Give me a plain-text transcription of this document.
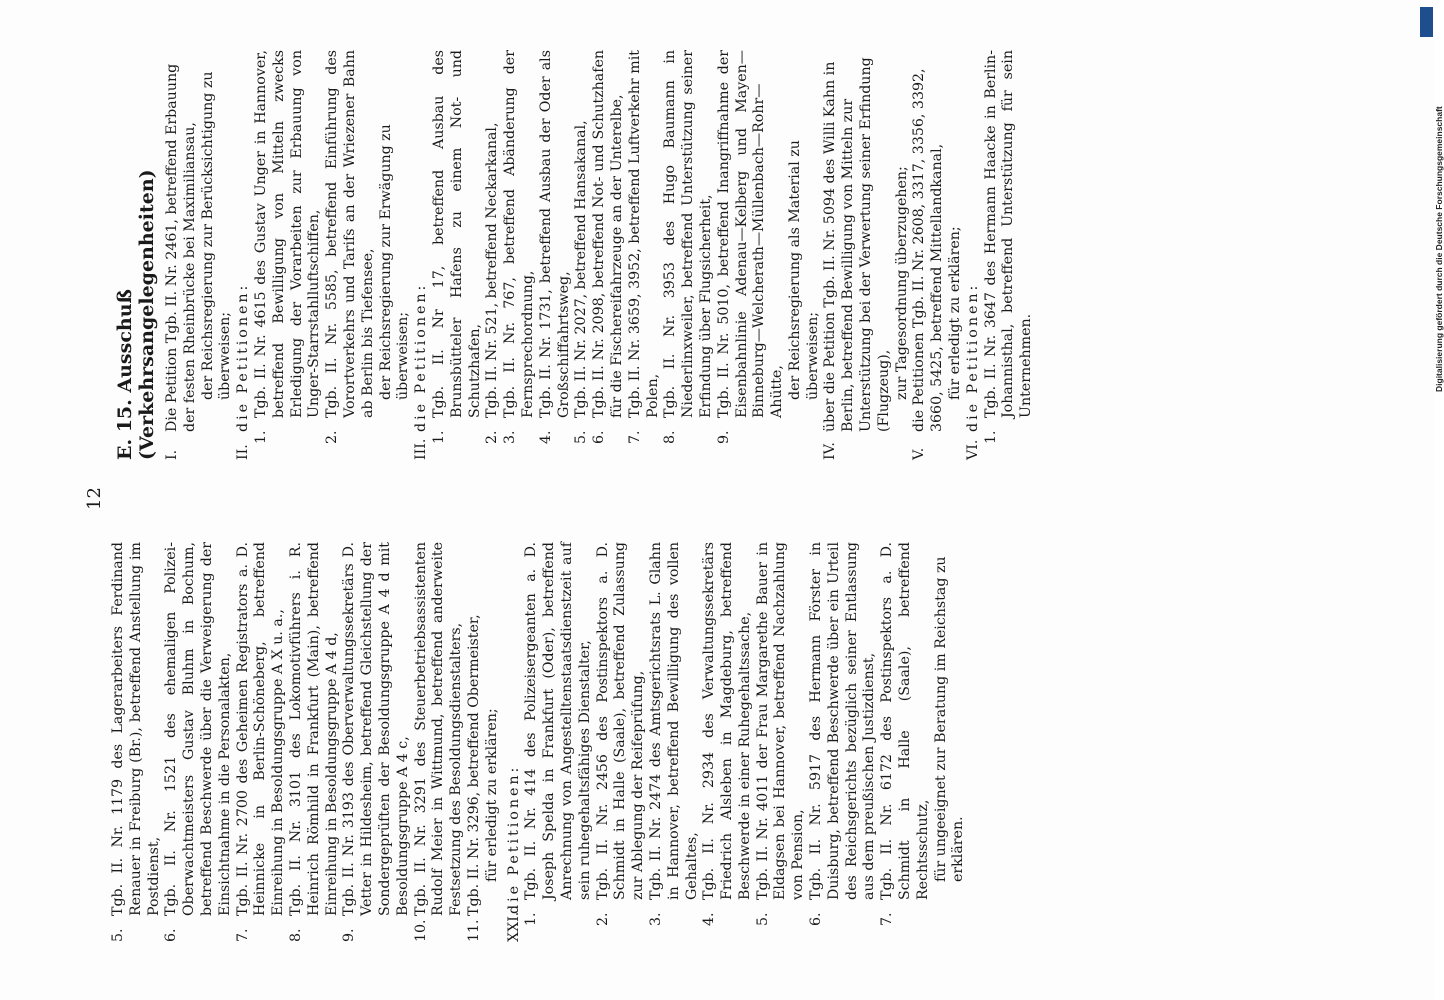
12
5.
Tgb. II. Nr. 1179 des Lagerarbeiters Ferdinand Renauer in Freiburg (Br.), betreffend Anstellung im Postdienst,
6.
Tgb. II. Nr. 1521 des ehemaligen Polizei-Oberwachtmeisters Gustav Bluhm in Bochum, betreffend Beschwerde über die Verweigerung der Einsichtnahme in die Personalakten,
7.
Tgb. II. Nr. 2700 des Geheimen Registrators a. D. Heinnicke in Berlin-Schöneberg, betreffend Einreihung in Besoldungsgruppe A X u. a.,
8.
Tgb. II. Nr. 3101 des Lokomotivführers i. R. Heinrich Römhild in Frankfurt (Main), betreffend Einreihung in Besoldungsgruppe A 4 d,
9.
Tgb. II. Nr. 3193 des Oberverwaltungssekretärs D. Vetter in Hildesheim, betreffend Gleichstellung der Sondergeprüften der Besoldungsgruppe A 4 d mit Besoldungsgruppe A 4 c,
10.
Tgb. II. Nr. 3291 des Steuerbetriebsassistenten Rudolf Meier in Wittmund, betreffend anderweite Festsetzung des Besoldungsdienstalters,
11.
Tgb. II. Nr. 3296, betreffend Obermeister, für erledigt zu erklären;
XXI.
die Petitionen:
1.
Tgb. II. Nr. 414 des Polizeisergeanten a. D. Joseph Spelda in Frankfurt (Oder), betreffend Anrechnung von Angestelltenstaatsdienstzeit auf sein ruhegehaltsfähiges Dienstalter,
2.
Tgb. II. Nr. 2456 des Postinspektors a. D. Schmidt in Halle (Saale), betreffend Zulassung zur Ablegung der Reifeprüfung,
3.
Tgb. II. Nr. 2474 des Amtsgerichtsrats L. Glahn in Hannover, betreffend Bewilligung des vollen Gehaltes,
4.
Tgb. II. Nr. 2934 des Verwaltungssekretärs Friedrich Alsleben in Magdeburg, betreffend Beschwerde in einer Ruhegehaltssache,
5.
Tgb. II. Nr. 4011 der Frau Margarethe Bauer in Eldagsen bei Hannover, betreffend Nachzahlung von Pension,
6.
Tgb. II. Nr. 5917 des Hermann Förster in Duisburg, betreffend Beschwerde über ein Urteil des Reichsgerichts bezüglich seiner Entlassung aus dem preußischen Justizdienst,
7.
Tgb. II. Nr. 6172 des Postinspektors a. D. Schmidt in Halle (Saale), betreffend Rechtsschutz, für ungeeignet zur Beratung im Reichstag zu erklären.
E. 15. Ausschuß (Verkehrsangelegenheiten) I.
Die Petition Tgb. II. Nr. 2461, betreffend Erbauung der festen Rheinbrücke bei Maximiliansau, der Reichsregierung zur Berücksichtigung zu überweisen;
II.
die Petitionen:
1.
Tgb. II. Nr. 4615 des Gustav Unger in Hannover, betreffend Bewilligung von Mitteln zwecks Erledigung der Vorarbeiten zur Erbauung von Unger-Starrstahlluftschiffen,
2.
Tgb. II. Nr. 5585, betreffend Einführung des Vorortverkehrs und Tarifs an der Wriezener Bahn ab Berlin bis Tiefensee, der Reichsregierung zur Erwägung zu überweisen;
III.
die Petitionen:
1.
Tgb. II. Nr 17, betreffend Ausbau des Brunsbütteler Hafens zu einem Not- und Schutzhafen,
2.
Tgb. II. Nr. 521, betreffend Neckarkanal,
3.
Tgb. II. Nr. 767, betreffend Abänderung der Fernsprechordnung,
4.
Tgb. II. Nr. 1731, betreffend Ausbau der Oder als Großschiffahrtsweg,
5.
Tgb. II. Nr. 2027, betreffend Hansakanal,
6.
Tgb. II. Nr. 2098, betreffend Not- und Schutzhafen für die Fischereifahrzeuge an der Unterelbe,
7.
Tgb. II. Nr. 3659, 3952, betreffend Luftverkehr mit Polen,
8.
Tgb. II. Nr. 3953 des Hugo Baumann in Niederlinxweiler, betreffend Unterstützung seiner Erfindung über Flugsicherheit,
9.
Tgb. II. Nr. 5010, betreffend Inangriffnahme der Eisenbahnlinie Adenau—Kelberg und Mayen—Binneburg—Welcherath—Müllenbach—Rohr—Ahütte, der Reichsregierung als Material zu überweisen;
IV.
über die Petition Tgb. II. Nr. 5094 des Willi Kahn in Berlin, betreffend Bewilligung von Mitteln zur Unterstützung bei der Verwertung seiner Erfindung (Flugzeug), zur Tagesordnung überzugehen;
V.
die Petitionen Tgb. II. Nr. 2608, 3317, 3356, 3392, 3660, 5425, betreffend Mittellandkanal, für erledigt zu erklären;
VI.
die Petitionen:
1.
Tgb. II. Nr. 3647 des Hermann Haacke in Berlin-Johannisthal, betreffend Unterstützung für sein Unternehmen.
DFG
Digitalisierung gefördert durch die Deutsche Forschungsgemeinschaft
